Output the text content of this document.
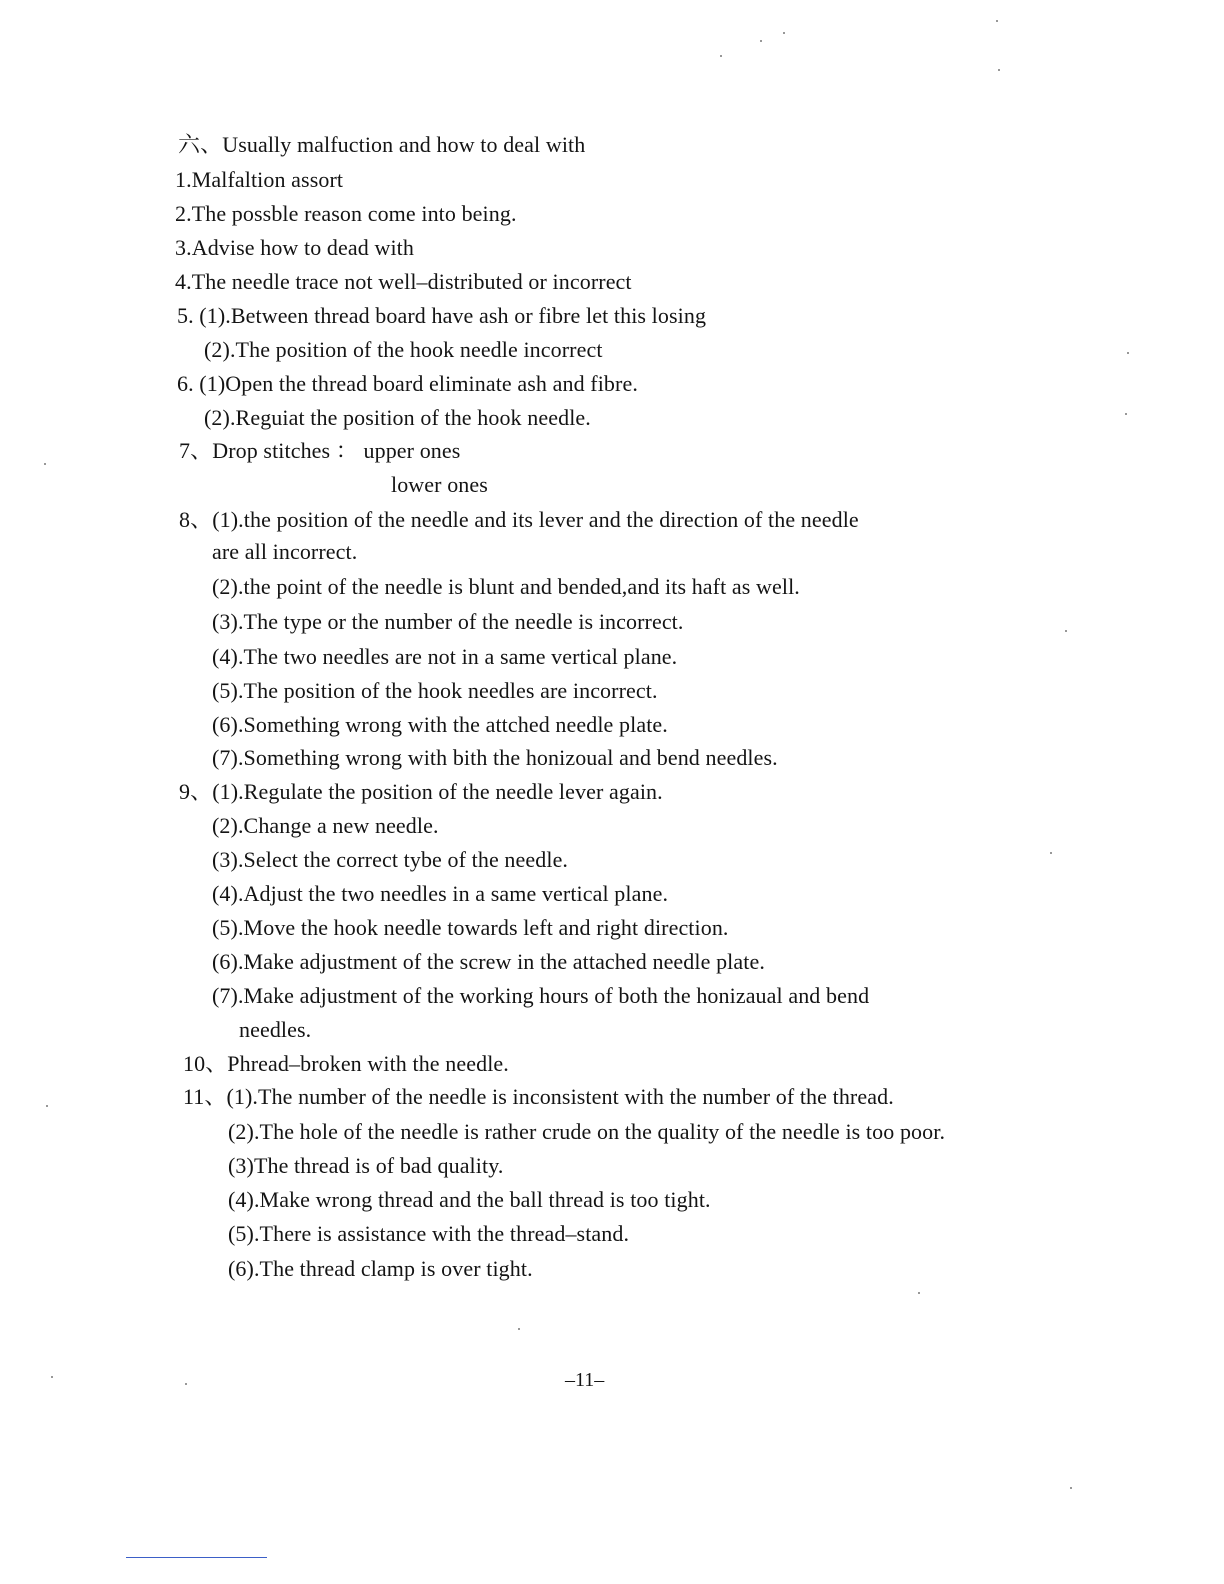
六、Usually malfuction and how to deal with
1.Malfaltion assort
2.The possble reason come into being.
3.Advise how to dead with
4.The needle trace not well–distributed or incorrect
5. (1).Between thread board have ash or fibre let this losing
(2).The position of the hook needle incorrect
6. (1)Open the thread board eliminate ash and fibre.
(2).Reguiat the position of the hook needle.
7、Drop stitches ： upper ones
lower ones
8、(1).the position of the needle and its lever and the direction of the needle
are all incorrect.
(2).the point of the needle is blunt and bended,and its haft as well.
(3).The type or the number of the needle is incorrect.
(4).The two needles are not in a same vertical plane.
(5).The position of the hook needles are incorrect.
(6).Something wrong with the attched needle plate.
(7).Something wrong with bith the honizoual and bend needles.
9、(1).Regulate the position of the needle lever again.
(2).Change a new needle.
(3).Select the correct tybe of the needle.
(4).Adjust the two needles in a same vertical plane.
(5).Move the hook needle towards left and right direction.
(6).Make adjustment of the screw in the attached needle plate.
(7).Make adjustment of the working hours of both the honizaual and bend
needles.
10、Phread–broken with the needle.
11、(1).The number of the needle is inconsistent with the number of the thread.
(2).The hole of the needle is rather crude on the quality of the needle is too poor.
(3)The thread is of bad quality.
(4).Make wrong thread and the ball thread is too tight.
(5).There is assistance with the thread–stand.
(6).The thread clamp is over tight.
–11–
